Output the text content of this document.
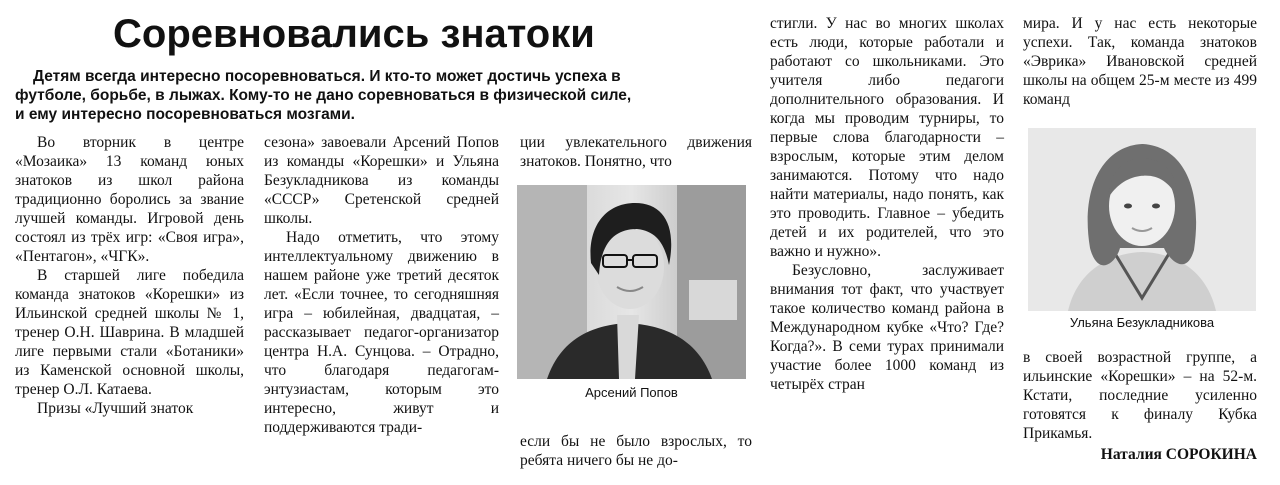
Соревновались знатоки

Детям всегда интересно посоревноваться. И кто-то может достичь успеха в

футболе, борьбе, в лыжах. Кому-то не дано соревноваться в физической силе,

и ему интересно посоревноваться мозгами.

Во вторник в центре «Мозаика» 13 команд юных знатоков из школ района традиционно боролись за звание лучшей команды. Игровой день состоял из трёх игр: «Своя игра», «Пентагон», «ЧГК».

В старшей лиге победила команда знатоков «Корешки» из Ильинской средней школы № 1, тренер О.Н. Шаврина. В младшей лиге первыми стали «Ботаники» из Каменской основной школы, тренер О.Л. Катаева.

Призы «Лучший знаток

сезона» завоевали Арсений Попов из команды «Корешки» и Ульяна Безукладникова из команды «СССР» Сретенской средней школы.

Надо отметить, что этому интеллектуальному движению в нашем районе уже третий десяток лет. «Если точнее, то сегодняшняя игра – юбилейная, двадцатая, – рассказывает педагог-организатор центра Н.А. Сунцова. – Отрадно, что благодаря педагогам-энтузиастам, которым это интересно, живут и поддерживаются тради-

ции увлекательного движения знатоков. Понятно, что

Арсений Попов

если бы не было взрослых, то ребята ничего бы не до-

стигли. У нас во многих школах есть люди, которые работали и работают со школьниками. Это учителя либо педагоги дополнительного образования. И когда мы проводим турниры, то первые слова благодарности – взрослым, которые этим делом занимаются. Потому что надо найти материалы, надо понять, как это проводить. Главное – убедить детей и их родителей, что это важно и нужно».

Безусловно, заслуживает внимания тот факт, что участвует такое количество команд района в Международном кубке «Что? Где? Когда?». В семи турах принимали участие более 1000 команд из четырёх стран

мира. И у нас есть некоторые успехи. Так, команда знатоков «Эврика» Ивановской средней школы на общем 25-м месте из 499 команд

Ульяна Безукладникова

в своей возрастной группе, а ильинские «Корешки» – на 52-м. Кстати, последние усиленно готовятся к финалу Кубка Прикамья.

Наталия СОРОКИНА
